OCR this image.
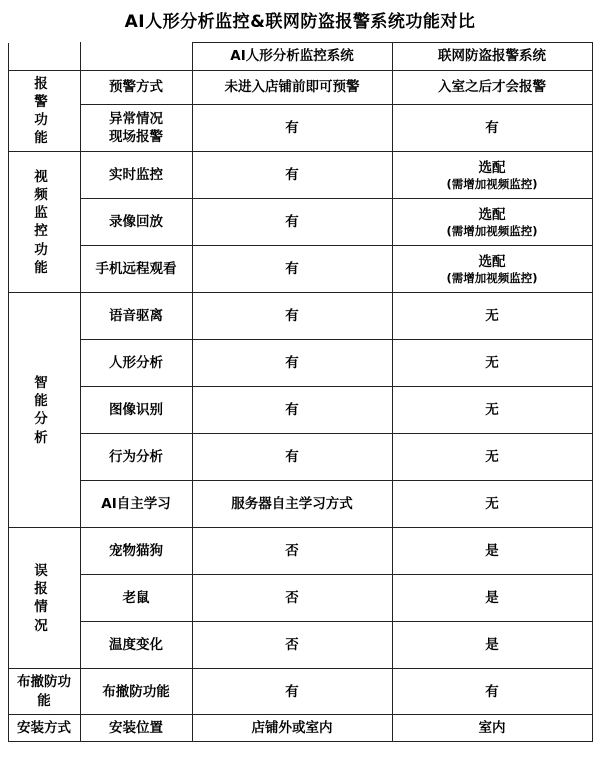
AI人形分析监控&联网防盗报警系统功能对比
		AI人形分析监控系统	联网防盗报警系统

报
警
功
能	预警方式	未进入店铺前即可预警	入室之后才会报警
	异常情况
现场报警	有	有

视
频
监
控
功
能
	实时监控	有	选配
(需增加视频监控)

	录像回放	有	选配
(需增加视频监控)

	手机远程观看	有	选配
(需增加视频监控)

智
能
分
析	语音驱离	有	无
	人形分析	有	无
	图像识别	有	无
	行为分析	有	无
	AI自主学习	服务器自主学习方式	无

误
报
情
况	宠物猫狗	否	是
	老鼠	否	是
	温度变化	否	是
布撤防功能	布撤防功能	有	有
安装方式	安装位置	店铺外或室内	室内
